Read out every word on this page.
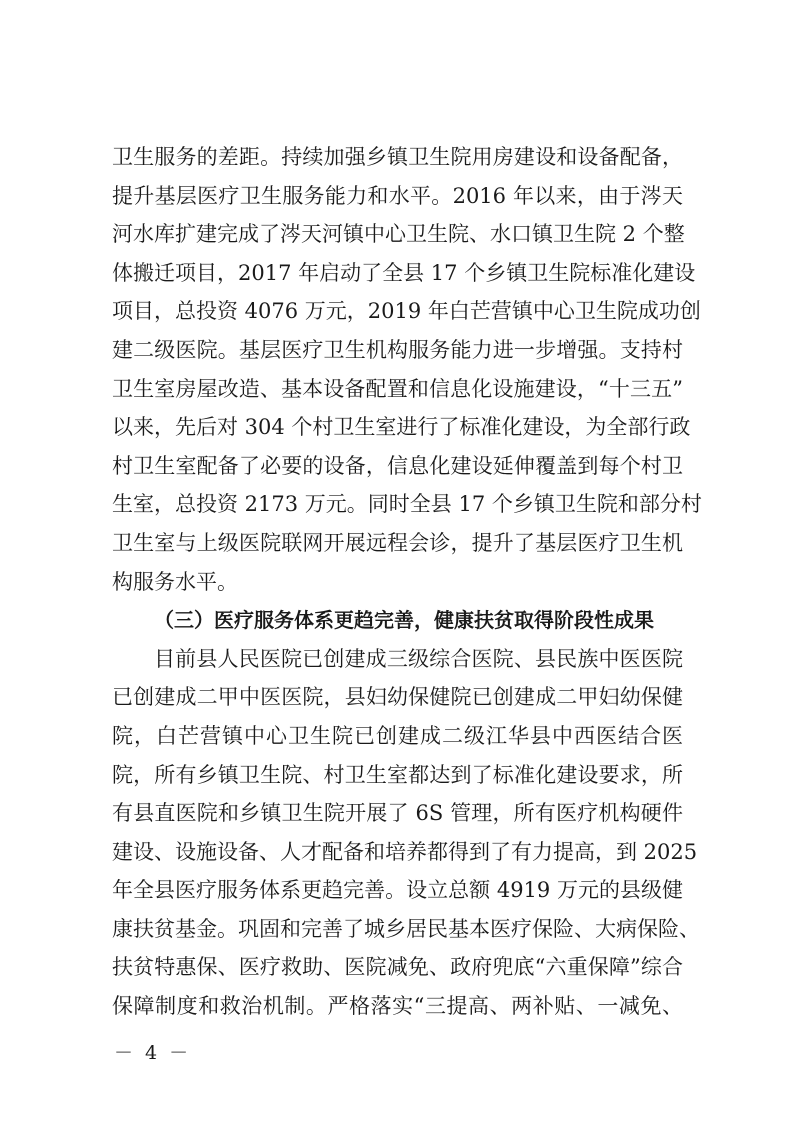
卫生服务的差距。持续加强乡镇卫生院用房建设和设备配备，
提升基层医疗卫生服务能力和水平。2016 年以来，由于涔天
河水库扩建完成了涔天河镇中心卫生院、水口镇卫生院 2 个整
体搬迁项目，2017 年启动了全县 17 个乡镇卫生院标准化建设
项目，总投资 4076 万元，2019 年白芒营镇中心卫生院成功创
建二级医院。基层医疗卫生机构服务能力进一步增强。支持村
卫生室房屋改造、基本设备配置和信息化设施建设，“十三五”
以来，先后对 304 个村卫生室进行了标准化建设，为全部行政
村卫生室配备了必要的设备，信息化建设延伸覆盖到每个村卫
生室，总投资 2173 万元。同时全县 17 个乡镇卫生院和部分村
卫生室与上级医院联网开展远程会诊，提升了基层医疗卫生机
构服务水平。
（三）医疗服务体系更趋完善，健康扶贫取得阶段性成果
目前县人民医院已创建成三级综合医院、县民族中医医院
已创建成二甲中医医院，县妇幼保健院已创建成二甲妇幼保健
院，白芒营镇中心卫生院已创建成二级江华县中西医结合医
院，所有乡镇卫生院、村卫生室都达到了标准化建设要求，所
有县直医院和乡镇卫生院开展了 6S 管理，所有医疗机构硬件
建设、设施设备、人才配备和培养都得到了有力提高，到 2025
年全县医疗服务体系更趋完善。设立总额 4919 万元的县级健
康扶贫基金。巩固和完善了城乡居民基本医疗保险、大病保险、
扶贫特惠保、医疗救助、医院减免、政府兜底“六重保障”综合
保障制度和救治机制。严格落实“三提高、两补贴、一减免、
－ 4 －
